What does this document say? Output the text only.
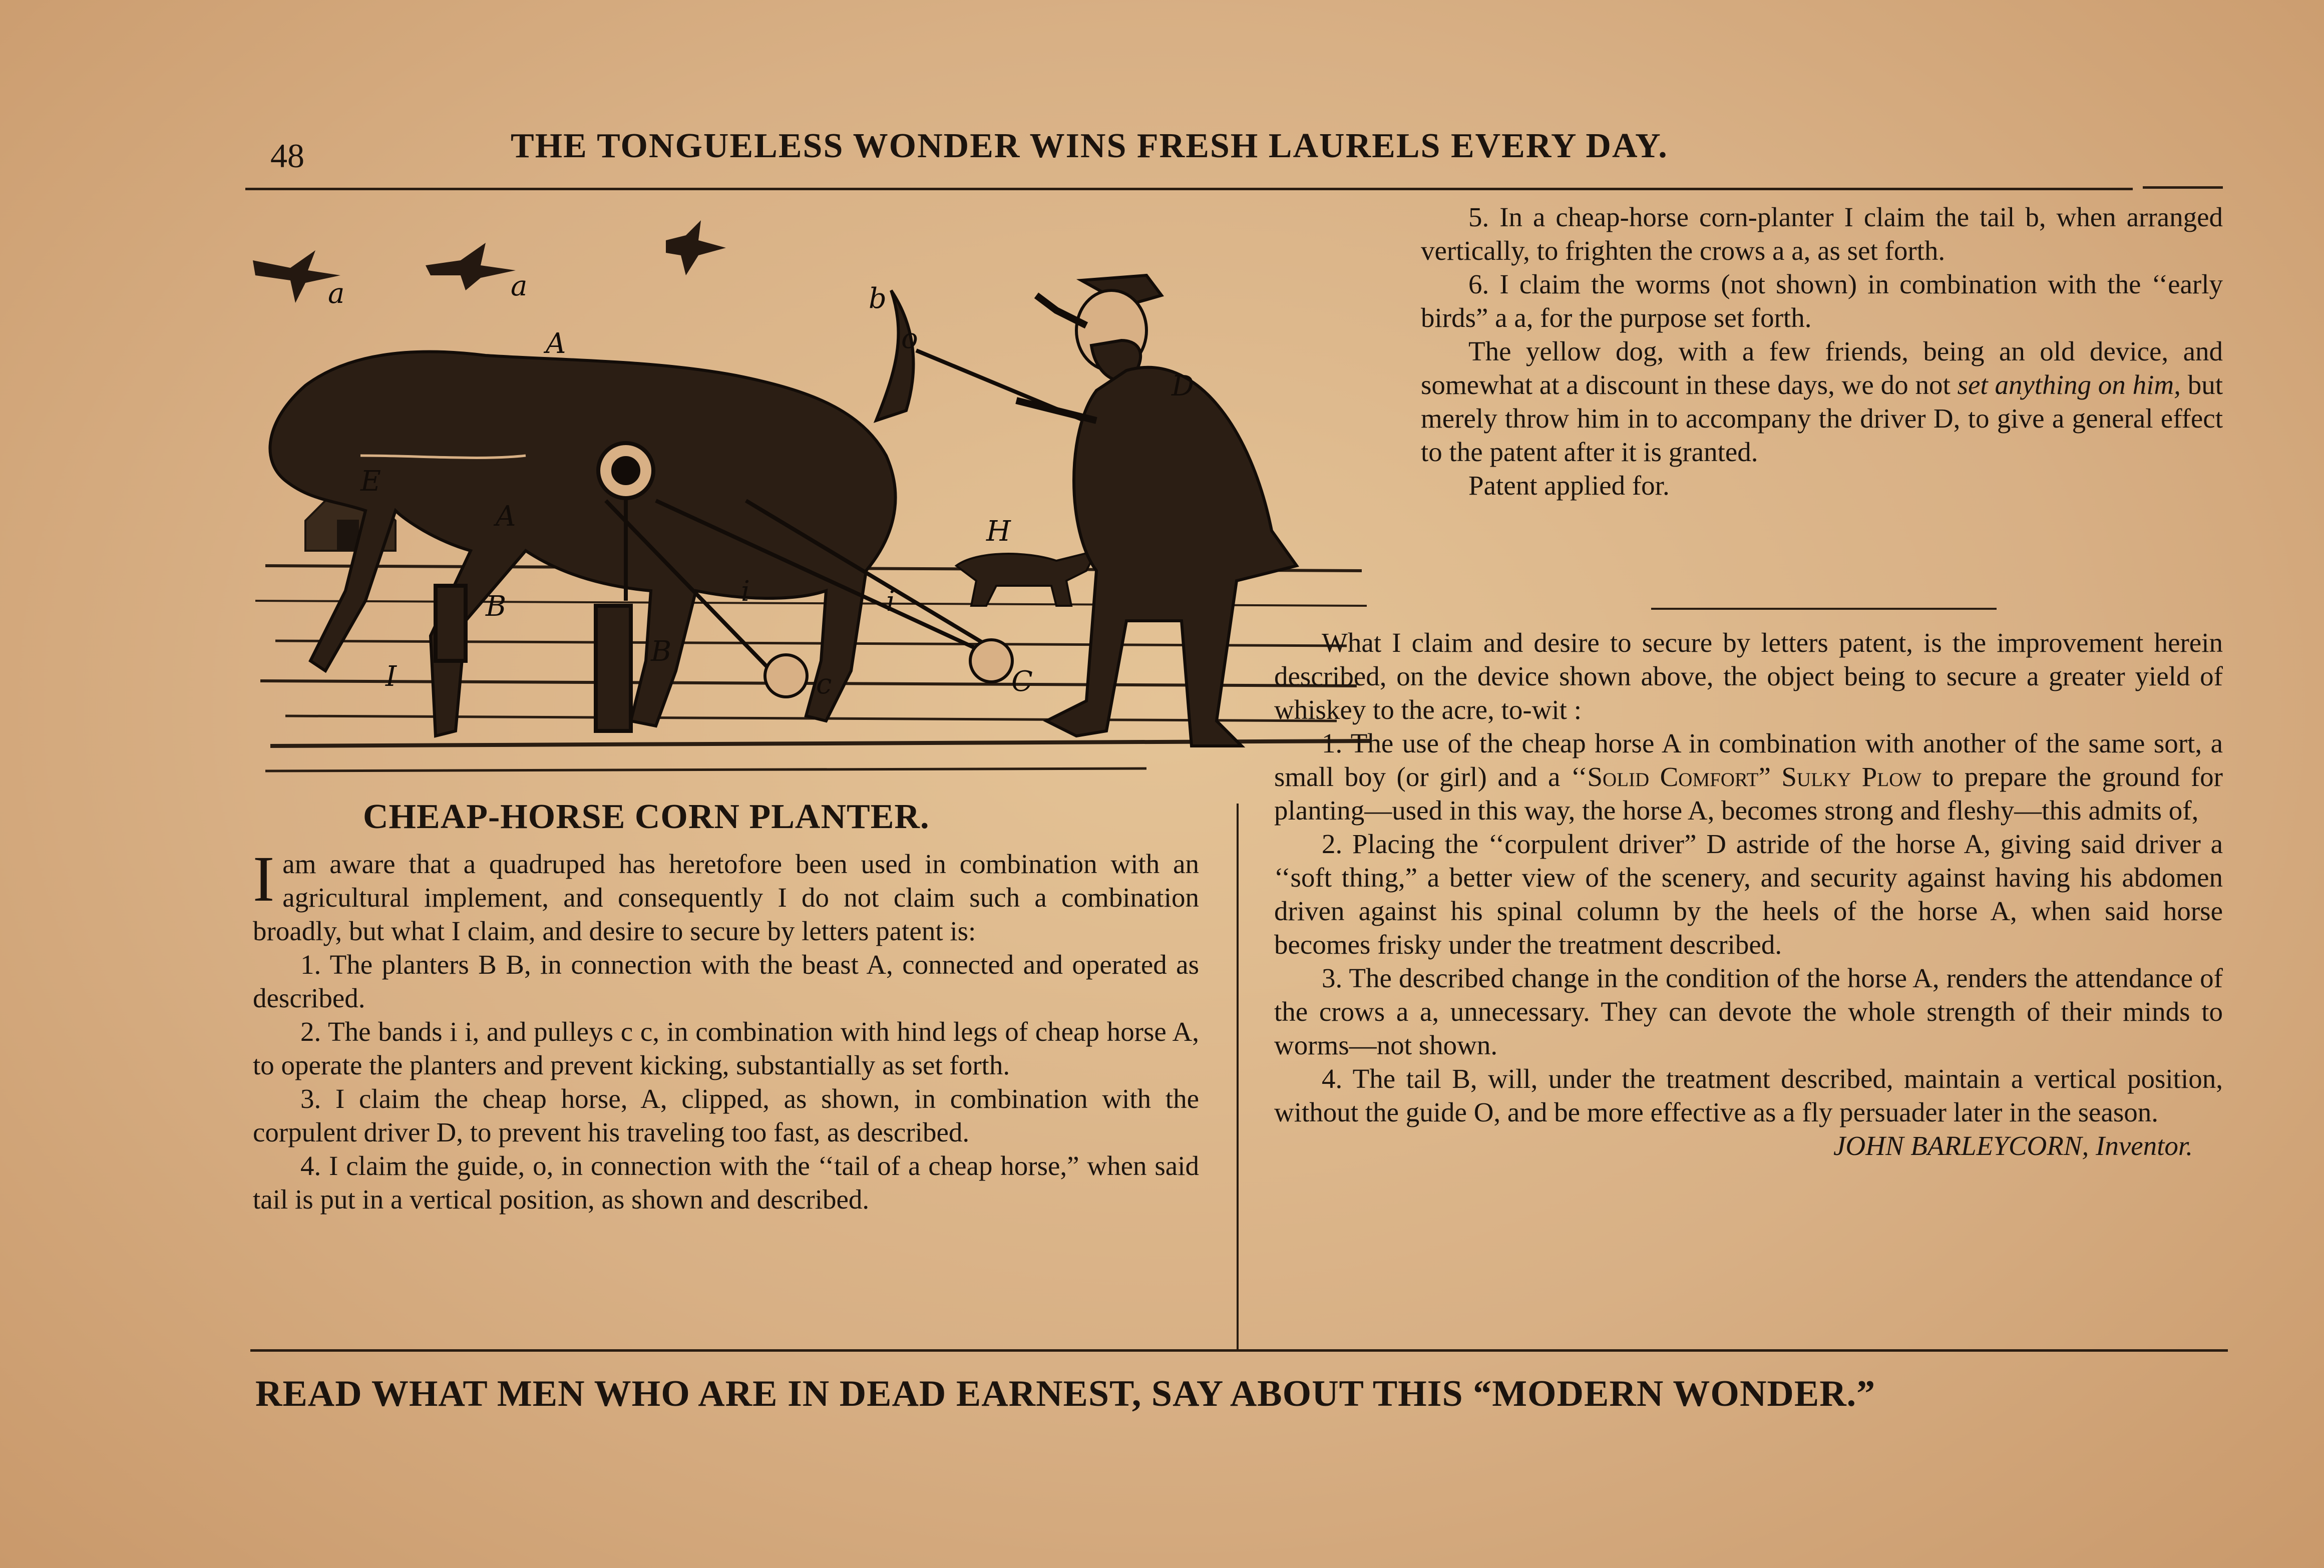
48	THE TONGUELESS WONDER WINS FRESH LAURELS EVERY DAY.
a	a
A
b
o
D
E
A	H
B	i	i
B
c	C
I
CHEAP-HORSE CORN PLANTER.

I am aware that a quadruped has heretofore been used in combination with an agricultural implement, and consequently I do not claim such a combination broadly, but what I claim, and desire to secure by letters patent is:

1. The planters B B, in connection with the beast A, connected and operated as described.

2. The bands i i, and pulleys c c, in combination with hind legs of cheap horse A, to operate the planters and prevent kicking, substantially as set forth.

3. I claim the cheap horse, A, clipped, as shown, in combination with the corpulent driver D, to prevent his traveling too fast, as described.

4. I claim the guide, o, in connection with the ‘‘tail of a cheap horse,” when said tail is put in a vertical position, as shown and described.

5. In a cheap-horse corn-planter I claim the tail b, when arranged vertically, to frighten the crows a a, as set forth.

6. I claim the worms (not shown) in combination with the ‘‘early birds” a a, for the purpose set forth.

The yellow dog, with a few friends, being an old device, and somewhat at a discount in these days, we do not set anything on him, but merely throw him in to accompany the driver D, to give a general effect to the patent after it is granted.

Patent applied for.

What I claim and desire to secure by letters patent, is the improvement herein described, on the device shown above, the object being to secure a greater yield of whiskey to the acre, to-wit :

1. The use of the cheap horse A in combination with another of the same sort, a small boy (or girl) and a ‘‘Solid Comfort” Sulky Plow to prepare the ground for planting—used in this way, the horse A, becomes strong and fleshy—this admits of,

2. Placing the ‘‘corpulent driver” D astride of the horse A, giving said driver a ‘‘soft thing,” a better view of the scenery, and security against having his abdomen driven against his spinal column by the heels of the horse A, when said horse becomes frisky under the treatment described.

3. The described change in the condition of the horse A, renders the attendance of the crows a a, unnecessary. They can devote the whole strength of their minds to worms—not shown.

4. The tail B, will, under the treatment described, maintain a vertical position, without the guide O, and be more effective as a fly persuader later in the season.

JOHN BARLEYCORN, Inventor.

READ WHAT MEN WHO ARE IN DEAD EARNEST, SAY ABOUT THIS “MODERN WONDER.”
